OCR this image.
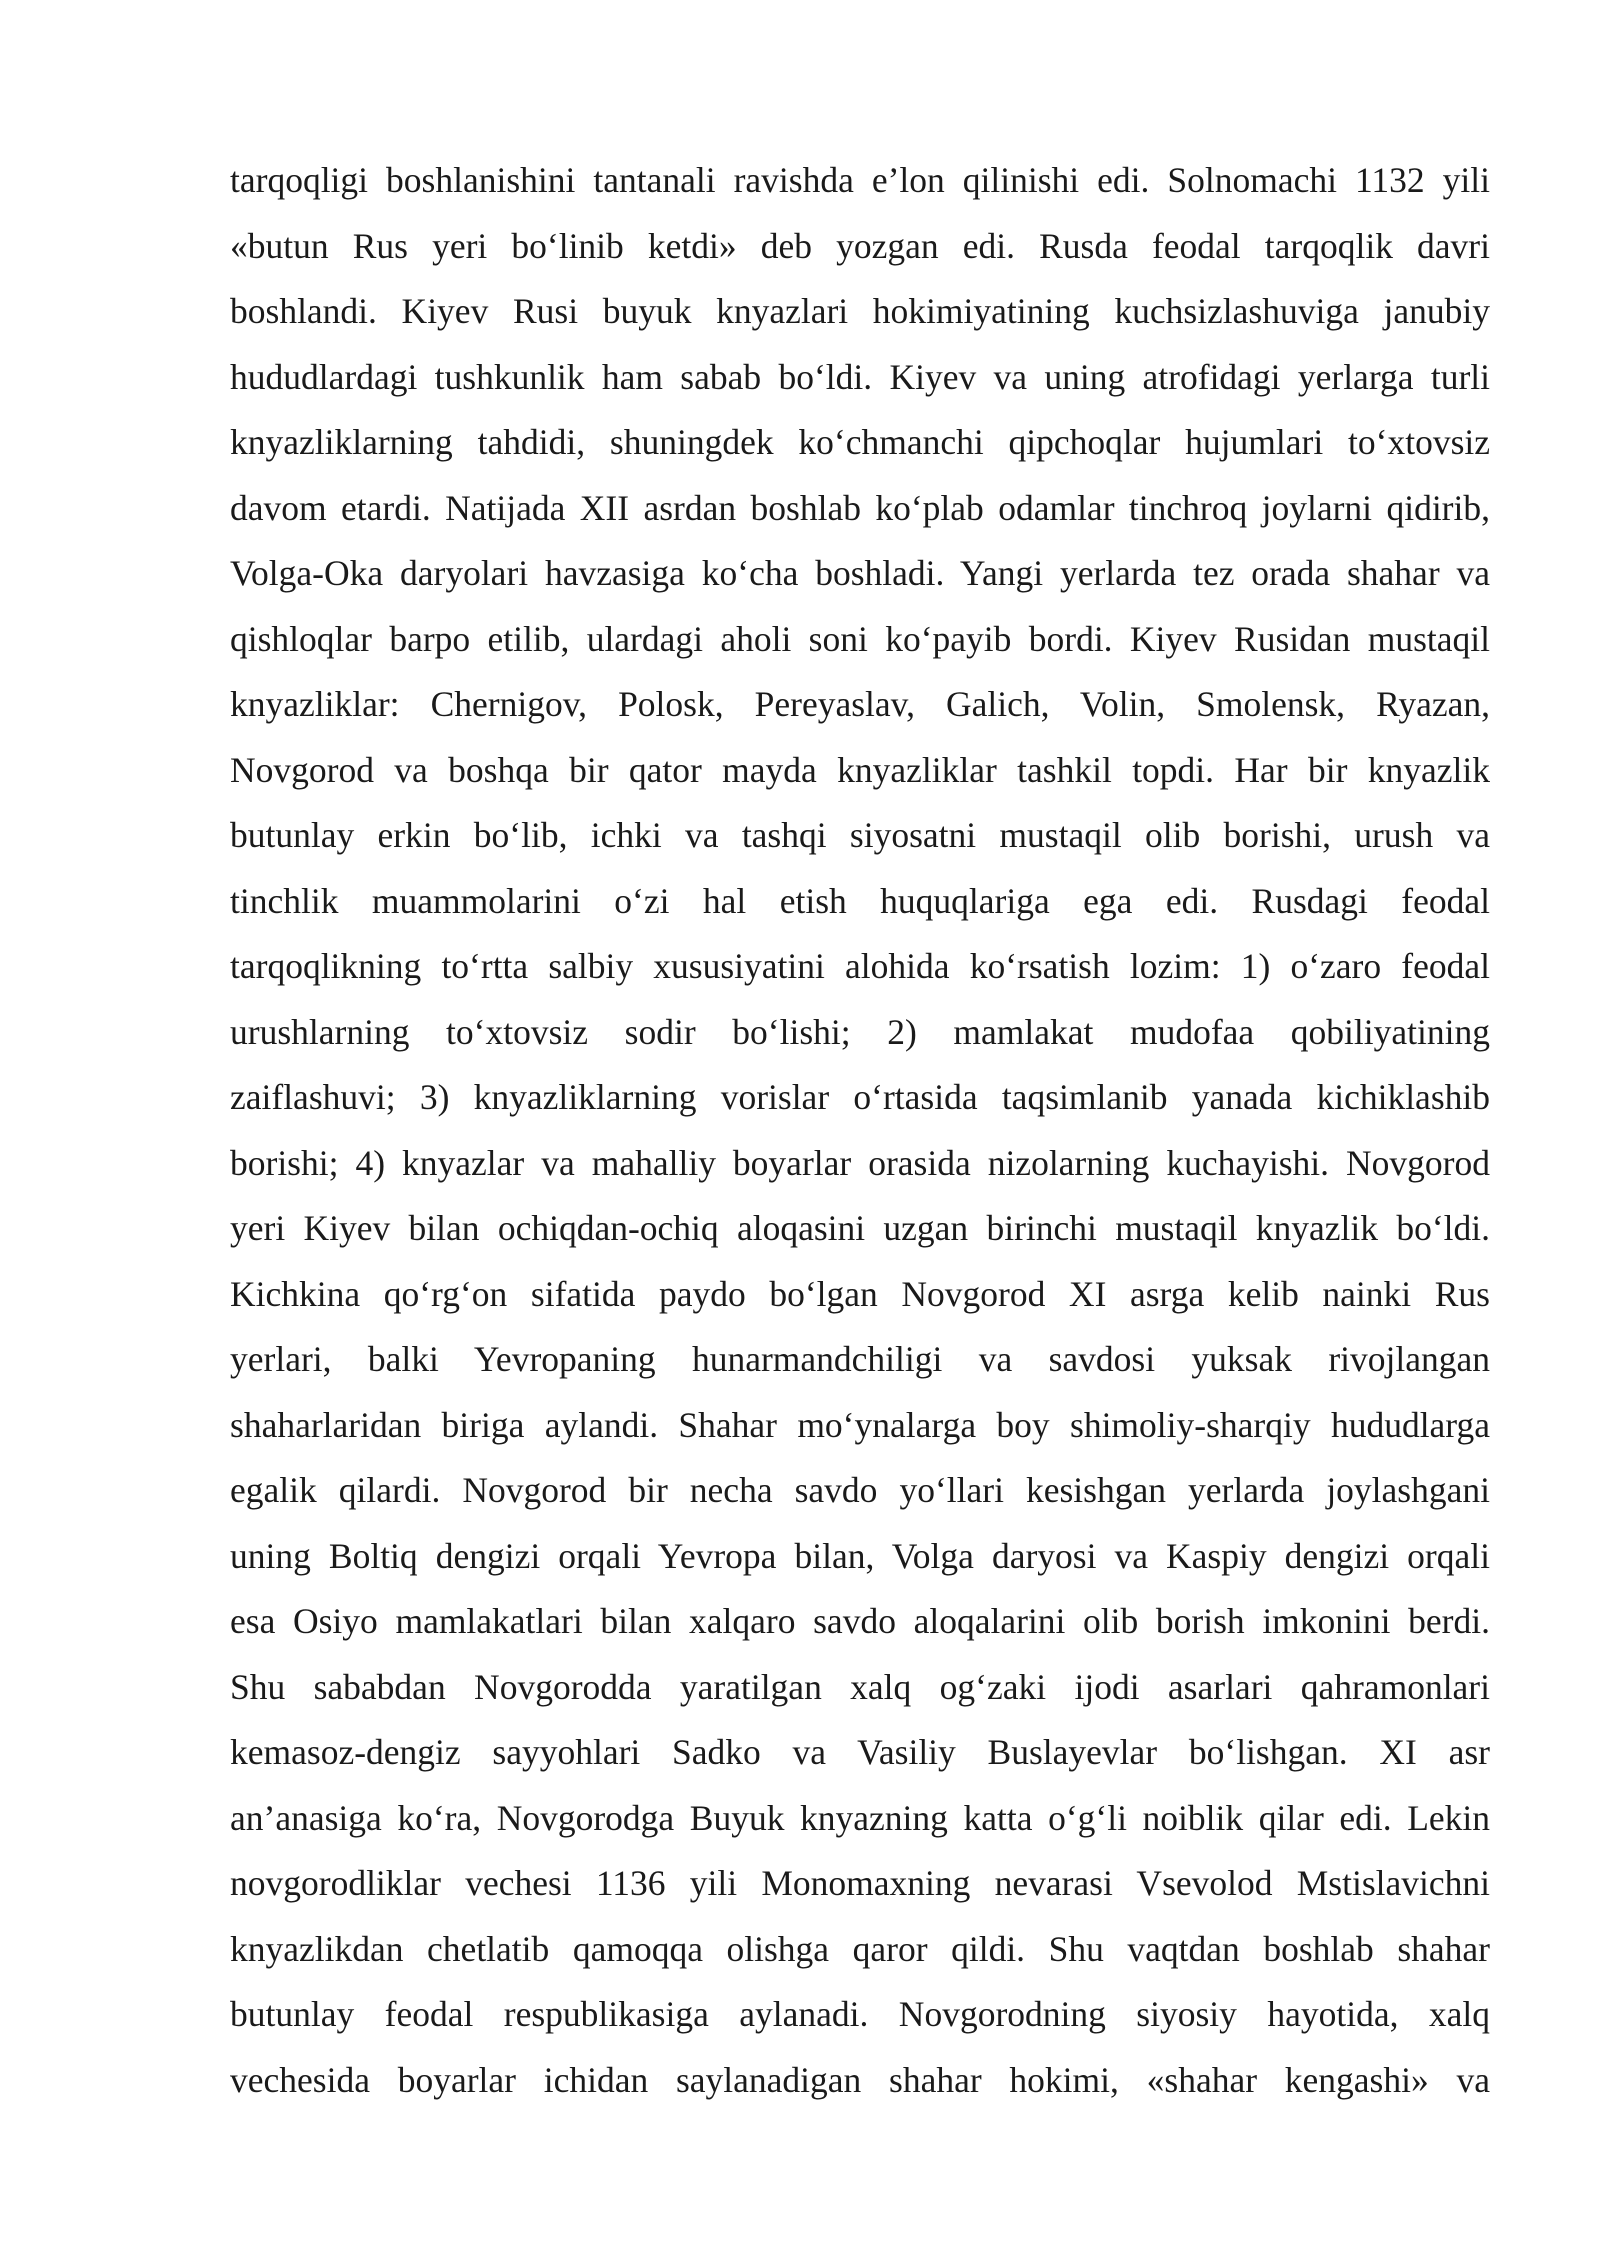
tarqoqligi boshlanishini tantanali ravishda e’lon qilinishi edi. Solnomachi 1132 yili
«butun Rus yeri bo‘linib ketdi» deb yozgan edi. Rusda feodal tarqoqlik davri
boshlandi. Kiyev Rusi buyuk knyazlari hokimiyatining kuchsizlashuviga janubiy
hududlardagi tushkunlik ham sabab bo‘ldi. Kiyev va uning atrofidagi yerlarga turli
knyazliklarning tahdidi, shuningdek ko‘chmanchi qipchoqlar hujumlari to‘xtovsiz
davom etardi. Natijada XII asrdan boshlab ko‘plab odamlar tinchroq joylarni qidirib,
Volga-Oka daryolari havzasiga ko‘cha boshladi. Yangi yerlarda tez orada shahar va
qishloqlar barpo etilib, ulardagi aholi soni ko‘payib bordi. Kiyev Rusidan mustaqil
knyazliklar: Chernigov, Polosk, Pereyaslav, Galich, Volin, Smolensk, Ryazan,
Novgorod va boshqa bir qator mayda knyazliklar tashkil topdi. Har bir knyazlik
butunlay erkin bo‘lib, ichki va tashqi siyosatni mustaqil olib borishi, urush va
tinchlik muammolarini o‘zi hal etish huquqlariga ega edi. Rusdagi feodal
tarqoqlikning to‘rtta salbiy xususiyatini alohida ko‘rsatish lozim: 1) o‘zaro feodal
urushlarning to‘xtovsiz sodir bo‘lishi; 2) mamlakat mudofaa qobiliyatining
zaiflashuvi; 3) knyazliklarning vorislar o‘rtasida taqsimlanib yanada kichiklashib
borishi; 4) knyazlar va mahalliy boyarlar orasida nizolarning kuchayishi. Novgorod
yeri Kiyev bilan ochiqdan-ochiq aloqasini uzgan birinchi mustaqil knyazlik bo‘ldi.
Kichkina qo‘rg‘on sifatida paydo bo‘lgan Novgorod XI asrga kelib nainki Rus
yerlari, balki Yevropaning hunarmandchiligi va savdosi yuksak rivojlangan
shaharlaridan biriga aylandi. Shahar mo‘ynalarga boy shimoliy-sharqiy hududlarga
egalik qilardi. Novgorod bir necha savdo yo‘llari kesishgan yerlarda joylashgani
uning Boltiq dengizi orqali Yevropa bilan, Volga daryosi va Kaspiy dengizi orqali
esa Osiyo mamlakatlari bilan xalqaro savdo aloqalarini olib borish imkonini berdi.
Shu sababdan Novgorodda yaratilgan xalq og‘zaki ijodi asarlari qahramonlari
kemasoz-dengiz sayyohlari Sadko va Vasiliy Buslayevlar bo‘lishgan. XI asr
an’anasiga ko‘ra, Novgorodga Buyuk knyazning katta o‘g‘li noiblik qilar edi. Lekin
novgorodliklar vechesi 1136 yili Monomaxning nevarasi Vsevolod Mstislavichni
knyazlikdan chetlatib qamoqqa olishga qaror qildi. Shu vaqtdan boshlab shahar
butunlay feodal respublikasiga aylanadi. Novgorodning siyosiy hayotida, xalq
vechesida boyarlar ichidan saylanadigan shahar hokimi, «shahar kengashi» va
